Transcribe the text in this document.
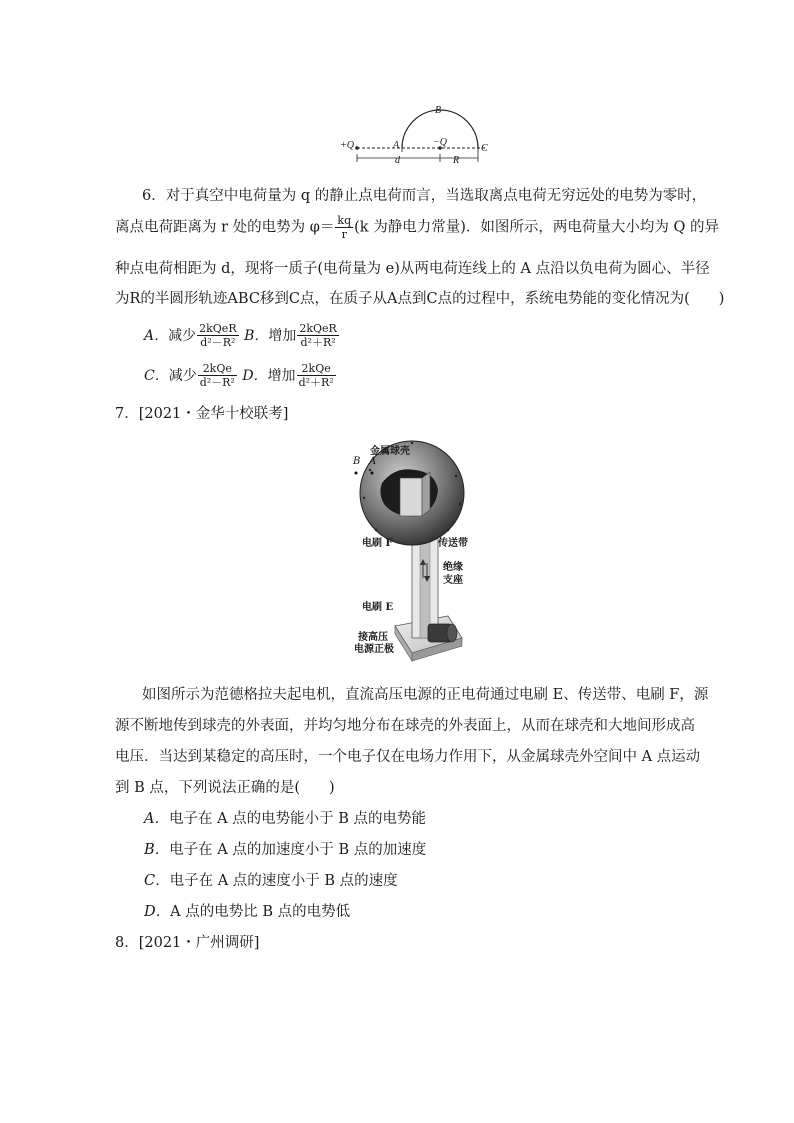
+Q	A
B
−Q
C
d	R
6．对于真空中电荷量为 q 的静止点电荷而言，当选取离点电荷无穷远处的电势为零时，
离点电荷距离为 r 处的电势为 $\varphi= \frac{kq}{r} (k$ 为静电力常量)．如图所示，两电荷量大小均为 Q 的异
种点电荷相距为 d，现将一质子(电荷量为 e)从两电荷连线上的 A 点沿以负电荷为圆心、半径
为R的半圆形轨迹ABC移到C点，在质子从A点到C点的过程中，系统电势能的变化情况为(　　)
A．减少 $\frac{\text{2kQeR}}{\text{d²－R²}}$ B．增加 $\frac{\text{2kQeR}}{\text{d²＋R²}}$
C．减少 $\frac{\text{2kQe}}{\text{d²－R²}}$ D．增加 $\frac{\text{2kQe}}{\text{d²＋R²}}$
7．[2021・金华十校联考]
金属球壳
B A
电刷 F	传送带
绝缘
支座
电刷 E
接高压
电源正极
如图所示为范德格拉夫起电机，直流高压电源的正电荷通过电刷 E、传送带、电刷 F，源
源不断地传到球壳的外表面，并均匀地分布在球壳的外表面上，从而在球壳和大地间形成高
电压．当达到某稳定的高压时，一个电子仅在电场力作用下，从金属球壳外空间中 A 点运动
到 B 点，下列说法正确的是(　　)
A．电子在 A 点的电势能小于 B 点的电势能
B．电子在 A 点的加速度小于 B 点的加速度
C．电子在 A 点的速度小于 B 点的速度
D．A 点的电势比 B 点的电势低
8．[2021・广州调研]
